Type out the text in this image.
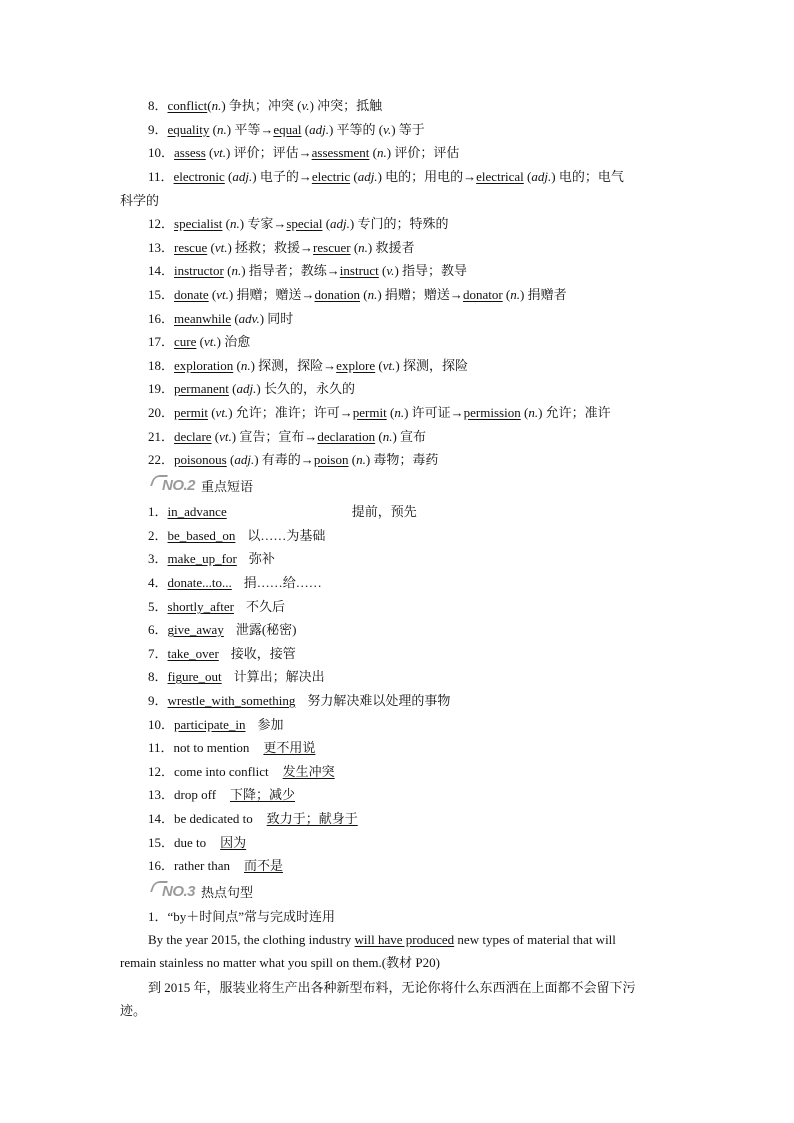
8．conflict(n.) 争执；冲突 (v.) 冲突；抵触
9．equality (n.) 平等→equal (adj.) 平等的 (v.) 等于
10．assess (vt.) 评价；评估→assessment (n.) 评价；评估
11．electronic (adj.) 电子的→electric (adj.) 电的；用电的→electrical (adj.) 电的；电气
12．specialist (n.) 专家→special (adj.) 专门的；特殊的
13．rescue (vt.) 拯救；救援→rescuer (n.) 救援者
14．instructor (n.) 指导者；教练→instruct (v.) 指导；教导
15．donate (vt.) 捐赠；赠送→donation (n.) 捐赠；赠送→donator (n.) 捐赠者
16．meanwhile (adv.) 同时
17．cure (vt.) 治愈
18．exploration (n.) 探测，探险→explore (vt.) 探测，探险
19．permanent (adj.) 长久的，永久的
20．permit (vt.) 允许；准许；许可→permit (n.) 许可证→permission (n.) 允许；准许
21．declare (vt.) 宣告；宣布→declaration (n.) 宣布
22．poisonous (adj.) 有毒的→poison (n.) 毒物；毒药
科学的
NO.2 重点短语
1．in_advance	提前，预先
2．be_based_on 以……为基础
3．make_up_for 弥补
4．donate...to... 捐……给……
5．shortly_after 不久后
6．give_away 泄露(秘密)
7．take_over 接收，接管
8．figure_out 计算出；解决出
9．wrestle_with_something 努力解决难以处理的事物
10．participate_in 参加
11．not to mention 更不用说
12．come into conflict 发生冲突
13．drop off 下降；减少
14．be dedicated to 致力于；献身于
15．due to 因为
16．rather than 而不是
NO.3 热点句型
1．“by＋时间点”常与完成时连用
By the year 2015, the clothing industry will have produced new types of material that will
remain stainless no matter what you spill on them.(教材 P20)
到 2015 年，服装业将生产出各种新型布料，无论你将什么东西洒在上面都不会留下污
迹。
